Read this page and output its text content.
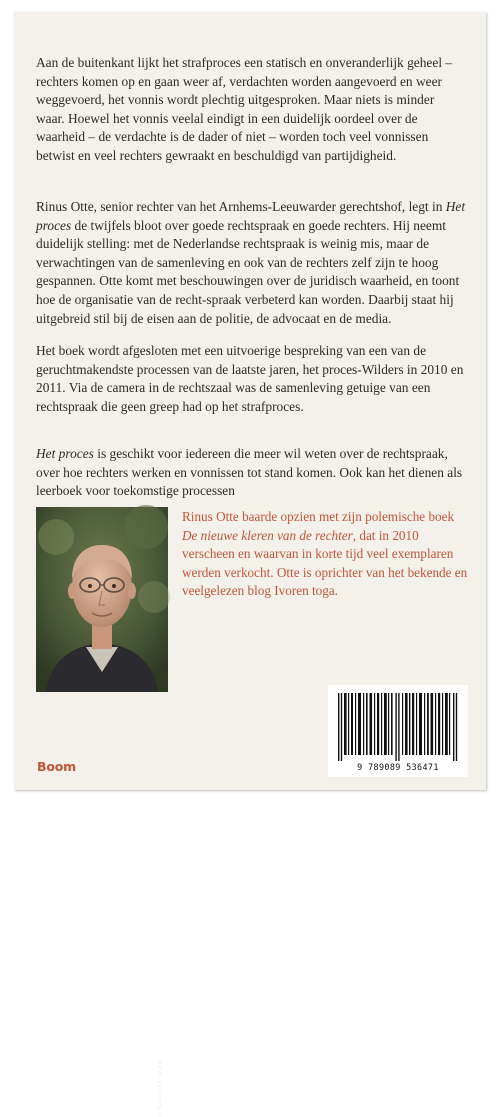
Aan de buitenkant lijkt het strafproces een statisch en onveranderlijk geheel – rechters komen op en gaan weer af, verdachten worden aangevoerd en weer weggevoerd, het vonnis wordt plechtig uitgesproken. Maar niets is minder waar. Hoewel het vonnis veelal eindigt in een duidelijk oordeel over de waarheid – de verdachte is de dader of niet – worden toch veel vonnissen betwist en veel rechters gewraakt en beschuldigd van partijdigheid.

Rinus Otte, senior rechter van het Arnhems-Leeuwarder gerechtshof, legt in Het proces de twijfels bloot over goede rechtspraak en goede rechters. Hij neemt duidelijk stelling: met de Nederlandse rechtspraak is weinig mis, maar de verwachtingen van de samenleving en ook van de rechters zelf zijn te hoog gespannen. Otte komt met beschouwingen over de juridisch waarheid, en toont hoe de organisatie van de recht-spraak verbeterd kan worden. Daarbij staat hij uitgebreid stil bij de eisen aan de politie, de advocaat en de media.

Het boek wordt afgesloten met een uitvoerige bespreking van een van de geruchtmakendste processen van de laatste jaren, het proces-Wilders in 2010 en 2011. Via de camera in de rechtszaal was de samenleving getuige van een rechtspraak die geen greep had op het strafproces.

Het proces is geschikt voor iedereen die meer wil weten over de rechtspraak, over hoe rechters werken en vonnissen tot stand komen. Ook kan het dienen als leerboek voor toekomstige processen

© DANIELLA SPIER

Rinus Otte baarde opzien met zijn polemische boek De nieuwe kleren van de rechter, dat in 2010 verscheen en waarvan in korte tijd veel exemplaren werden verkocht. Otte is oprichter van het bekende en veelgelezen blog Ivoren toga.

Boom	9 789089 536471
